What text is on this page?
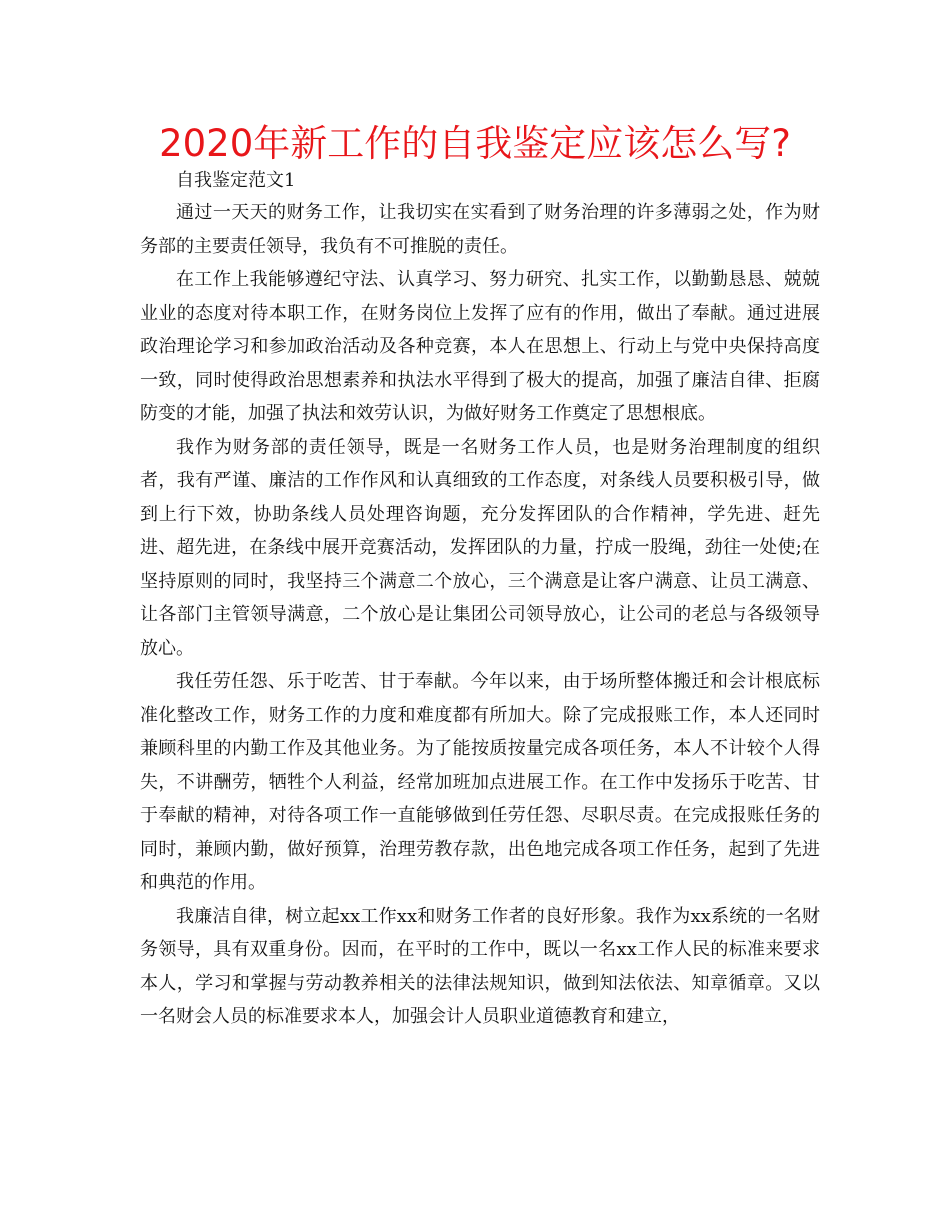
2020年新工作的自我鉴定应该怎么写?

自我鉴定范文1

通过一天天的财务工作，让我切实在实看到了财务治理的许多薄弱之处，作为财务部的主要责任领导，我负有不可推脱的责任。

在工作上我能够遵纪守法、认真学习、努力研究、扎实工作，以勤勤恳恳、兢兢业业的态度对待本职工作，在财务岗位上发挥了应有的作用，做出了奉献。通过进展政治理论学习和参加政治活动及各种竞赛，本人在思想上、行动上与党中央保持高度一致，同时使得政治思想素养和执法水平得到了极大的提高，加强了廉洁自律、拒腐防变的才能，加强了执法和效劳认识，为做好财务工作奠定了思想根底。

我作为财务部的责任领导，既是一名财务工作人员，也是财务治理制度的组织者，我有严谨、廉洁的工作作风和认真细致的工作态度，对条线人员要积极引导，做到上行下效，协助条线人员处理咨询题，充分发挥团队的合作精神，学先进、赶先进、超先进，在条线中展开竞赛活动，发挥团队的力量，拧成一股绳，劲往一处使;在坚持原则的同时，我坚持三个满意二个放心，三个满意是让客户满意、让员工满意、让各部门主管领导满意，二个放心是让集团公司领导放心，让公司的老总与各级领导放心。

我任劳任怨、乐于吃苦、甘于奉献。今年以来，由于场所整体搬迁和会计根底标准化整改工作，财务工作的力度和难度都有所加大。除了完成报账工作，本人还同时兼顾科里的内勤工作及其他业务。为了能按质按量完成各项任务，本人不计较个人得失，不讲酬劳，牺牲个人利益，经常加班加点进展工作。在工作中发扬乐于吃苦、甘于奉献的精神，对待各项工作一直能够做到任劳任怨、尽职尽责。在完成报账任务的同时，兼顾内勤，做好预算，治理劳教存款，出色地完成各项工作任务，起到了先进和典范的作用。

我廉洁自律，树立起xx工作xx和财务工作者的良好形象。我作为xx系统的一名财务领导，具有双重身份。因而，在平时的工作中，既以一名xx工作人民的标准来要求本人，学习和掌握与劳动教养相关的法律法规知识，做到知法依法、知章循章。又以一名财会人员的标准要求本人，加强会计人员职业道德教育和建立，
